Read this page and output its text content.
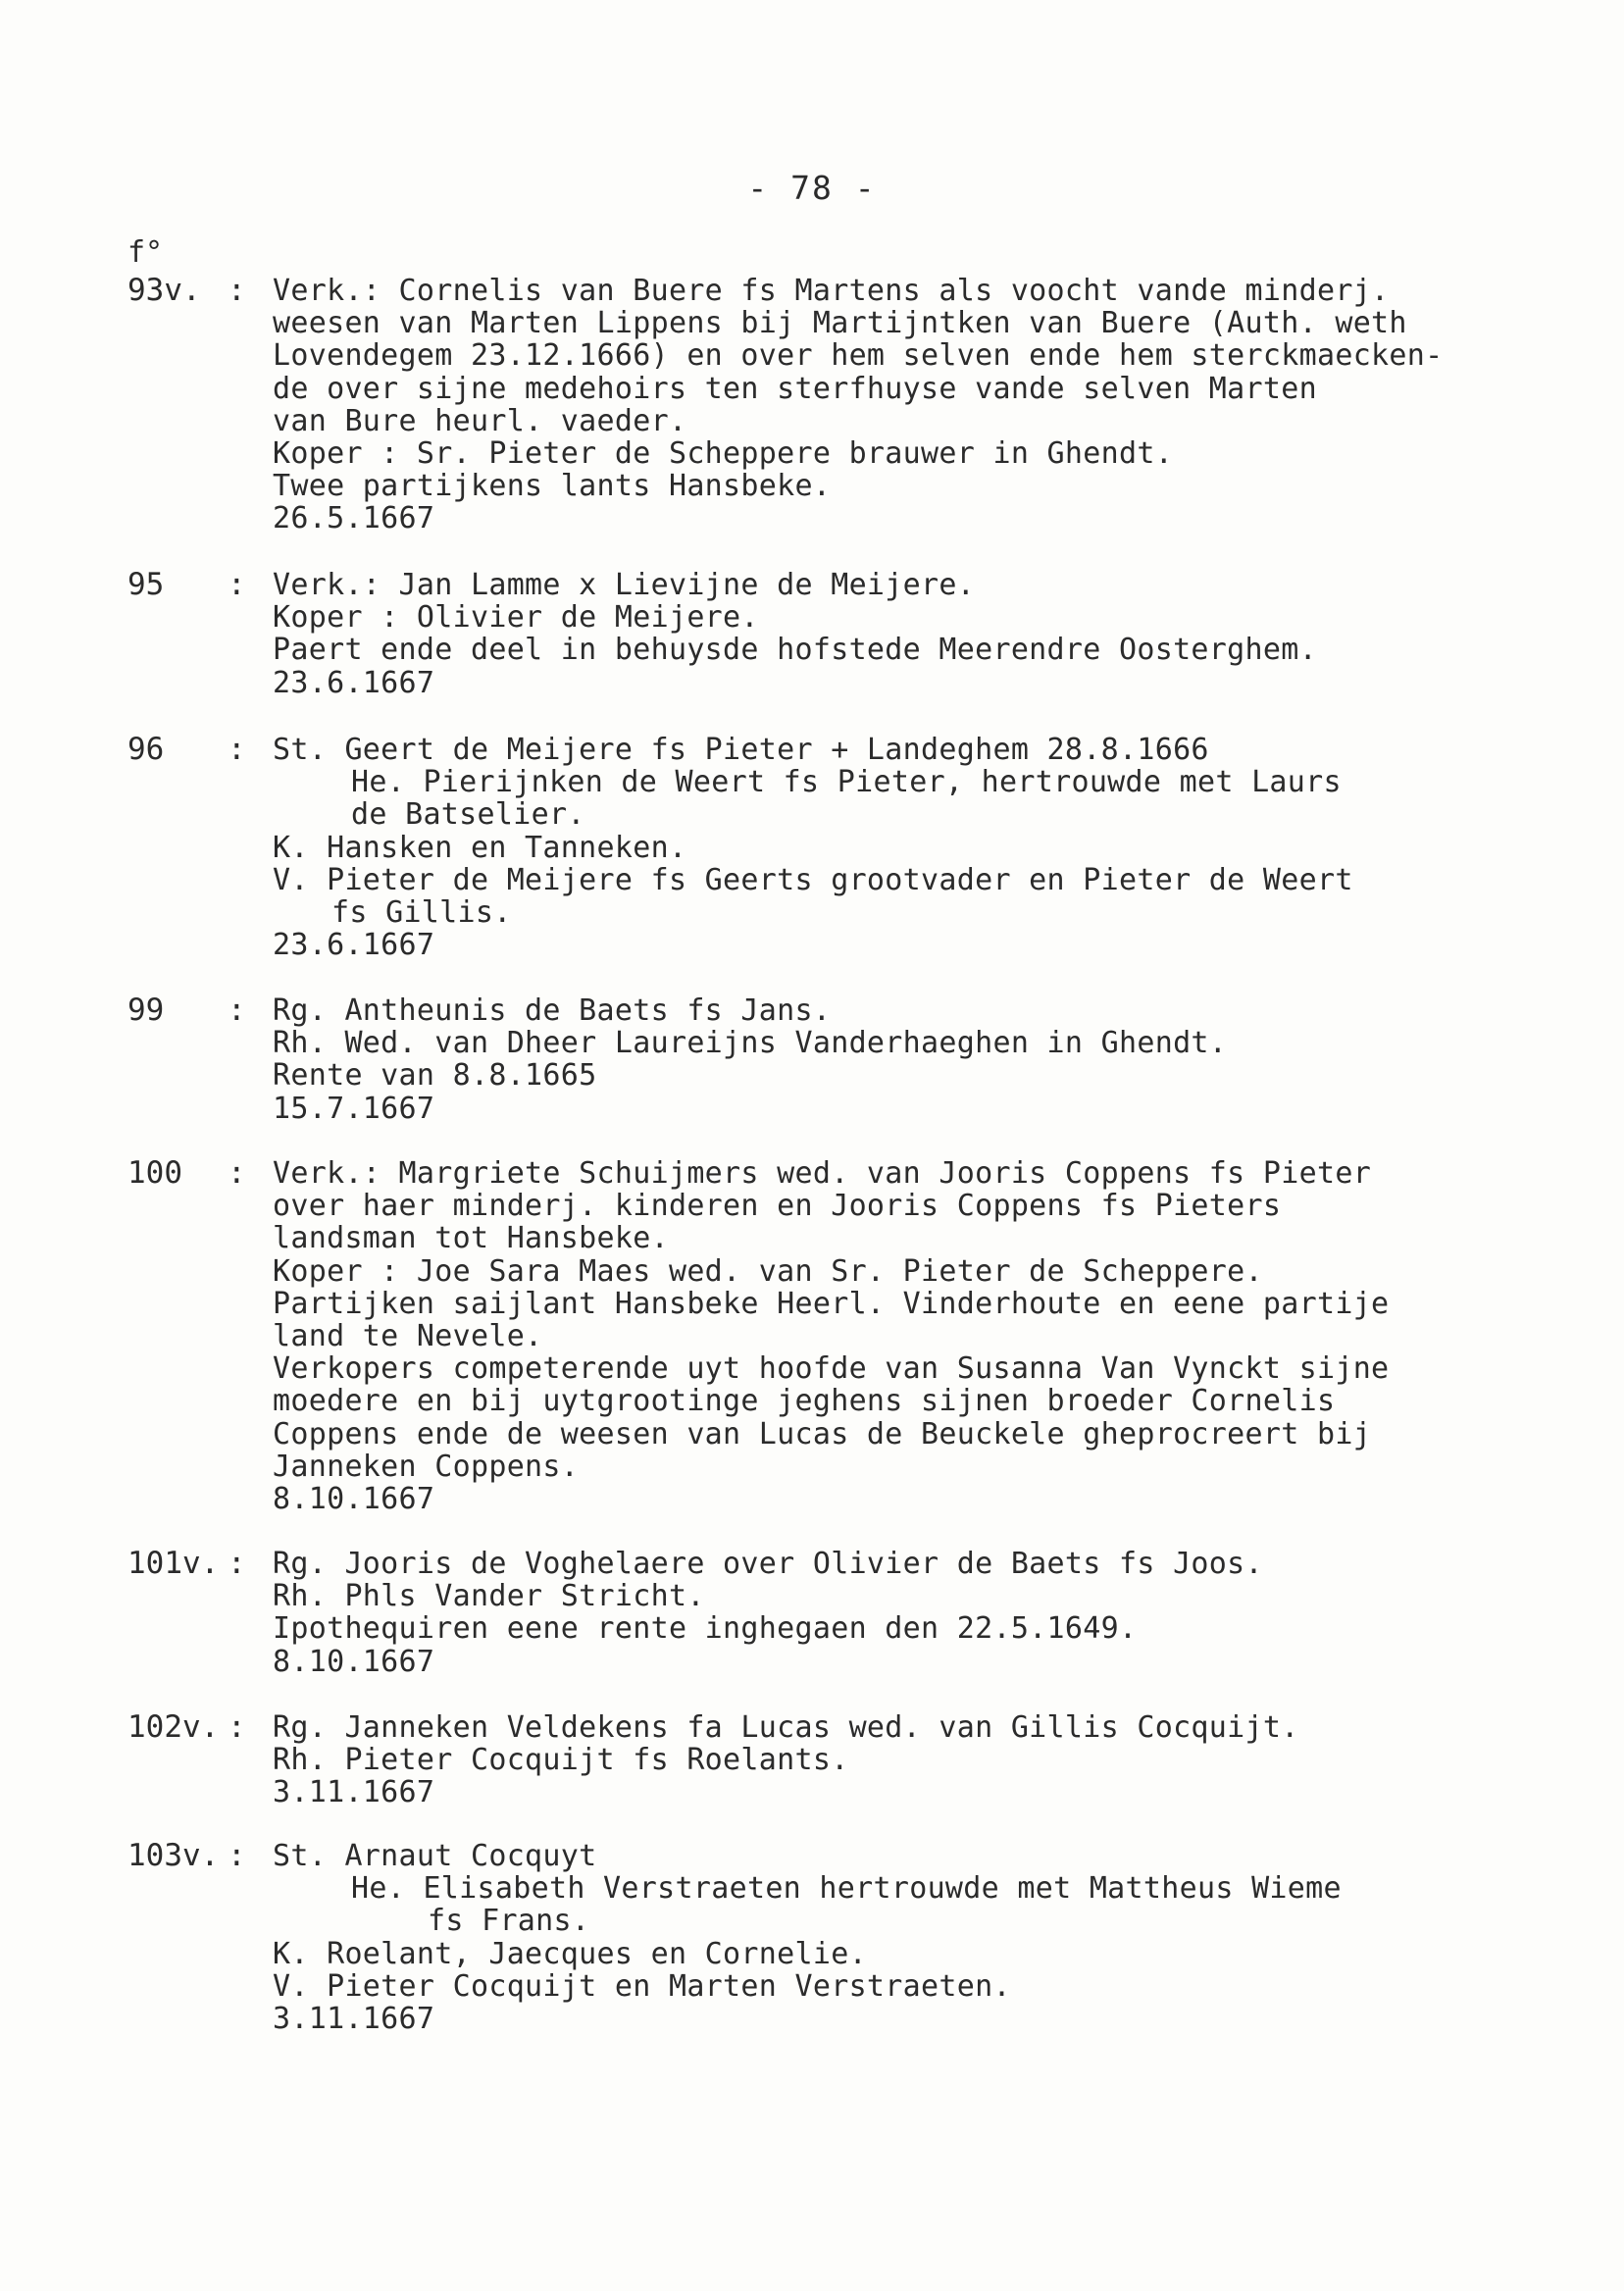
- 78 -
f°
93v. : Verk.: Cornelis van Buere fs Martens als voocht vande minderj.
weesen van Marten Lippens bij Martijntken van Buere (Auth. weth
Lovendegem 23.12.1666) en over hem selven ende hem sterckmaecken-
de over sijne medehoirs ten sterfhuyse vande selven Marten
van Bure heurl. vaeder.
Koper : Sr. Pieter de Scheppere brauwer in Ghendt.
Twee partijkens lants Hansbeke.
26.5.1667
95	: Verk.: Jan Lamme x Lievijne de Meijere.
Koper : Olivier de Meijere.
Paert ende deel in behuysde hofstede Meerendre Oosterghem.
23.6.1667
96	: St. Geert de Meijere fs Pieter + Landeghem 28.8.1666
He. Pierijnken de Weert fs Pieter, hertrouwde met Laurs
de Batselier.
K. Hansken en Tanneken.
V. Pieter de Meijere fs Geerts grootvader en Pieter de Weert
fs Gillis.
23.6.1667
99	: Rg. Antheunis de Baets fs Jans.
Rh. Wed. van Dheer Laureijns Vanderhaeghen in Ghendt.
Rente van 8.8.1665
15.7.1667
100	: Verk.: Margriete Schuijmers wed. van Jooris Coppens fs Pieter
over haer minderj. kinderen en Jooris Coppens fs Pieters
landsman tot Hansbeke.
Koper : Joe Sara Maes wed. van Sr. Pieter de Scheppere.
Partijken saijlant Hansbeke Heerl. Vinderhoute en eene partije
land te Nevele.
Verkopers competerende uyt hoofde van Susanna Van Vynckt sijne
moedere en bij uytgrootinge jeghens sijnen broeder Cornelis
Coppens ende de weesen van Lucas de Beuckele gheprocreert bij
Janneken Coppens.
8.10.1667
101v. : Rg. Jooris de Voghelaere over Olivier de Baets fs Joos.
Rh. Phls Vander Stricht.
Ipothequiren eene rente inghegaen den 22.5.1649.
8.10.1667
102v. : Rg. Janneken Veldekens fa Lucas wed. van Gillis Cocquijt.
Rh. Pieter Cocquijt fs Roelants.
3.11.1667
103v. : St. Arnaut Cocquyt
He. Elisabeth Verstraeten hertrouwde met Mattheus Wieme
fs Frans.
K. Roelant, Jaecques en Cornelie.
V. Pieter Cocquijt en Marten Verstraeten.
3.11.1667
